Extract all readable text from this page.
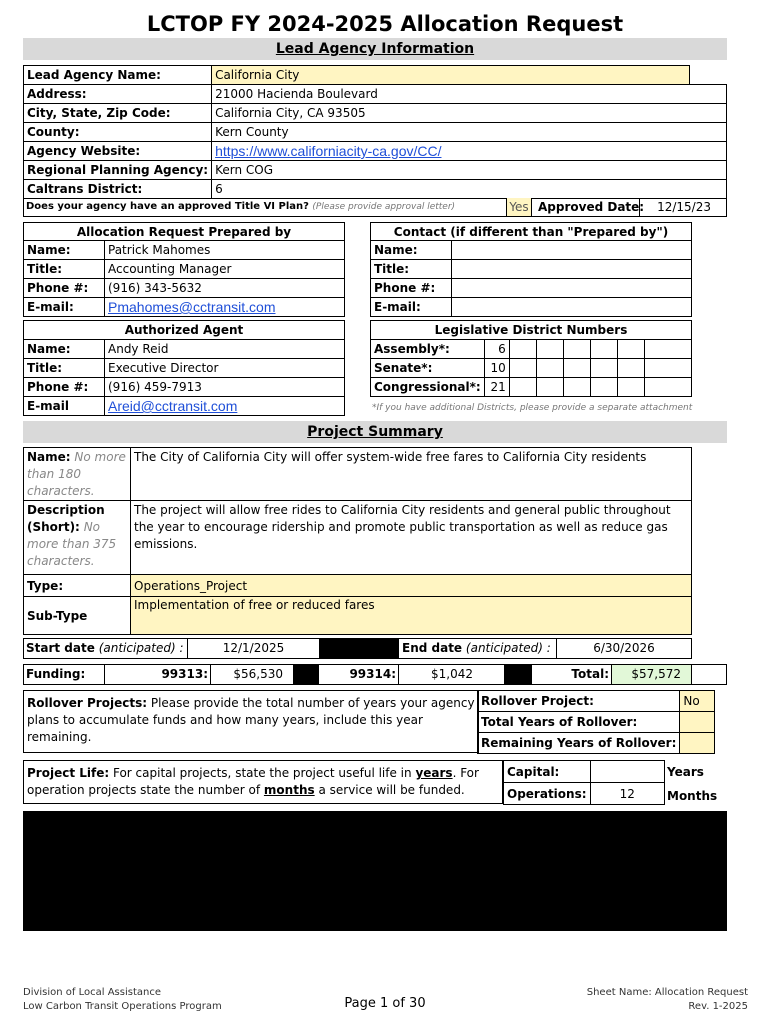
LCTOP FY 2024-2025 Allocation Request
Lead Agency Information
Lead Agency Name:	California City	
Address:	21000 Hacienda Boulevard	
City, State, Zip Code:	California City, CA 93505	
County:	Kern County	
Agency Website:	https://www.californiacity-ca.gov/CC/	
Regional Planning Agency:	Kern COG	
Caltrans District:	6	
Does your agency have an approved Title VI Plan? (Please provide approval letter)	Yes Approved Date:	12/15/23
Allocation Request Prepared by	
Name:	Patrick Mahomes
Title:	Accounting Manager
Phone #:	(916) 343-5632
E-mail:	Pmahomes@cctransit.com
Contact (if different than "Prepared by")	
Name:	
Title:	
Phone #:	
E-mail:	
Authorized Agent	
Name:	Andy Reid
Title:	Executive Director
Phone #:	(916) 459-7913
E-mail	Areid@cctransit.com
Legislative District Numbers							
Assembly*:	6						
Senate*:	10						
Congressional*:	21						
*If you have additional Districts, please provide a separate attachment
Project Summary
Name: No more than 180 characters.	The City of California City will offer system-wide free fares to California City residents
Description (Short): No more than 375 characters.	The project will allow free rides to California City residents and general public throughout the year to encourage ridership and promote public transportation as well as reduce gas emissions.
Type:	Operations_Project
Sub-Type	Implementation of free or reduced fares
Start date (anticipated) :	12/1/2025	End date (anticipated) :	6/30/2026
Funding:	99313:	$56,530	99314:	$1,042	Total:	$57,572
Rollover Projects: Please provide the total number of years your agency plans to accumulate funds and how many years, include this year remaining.
Rollover Project:	No
Total Years of Rollover:	
Remaining Years of Rollover:	
Project Life: For capital projects, state the project useful life in years. For operation projects state the number of months a service will be funded.
Capital:	
Operations:	12
Years
Months
Division of Local Assistance
Low Carbon Transit Operations Program	Page 1 of 30
Sheet Name: Allocation Request
Rev. 1-2025
